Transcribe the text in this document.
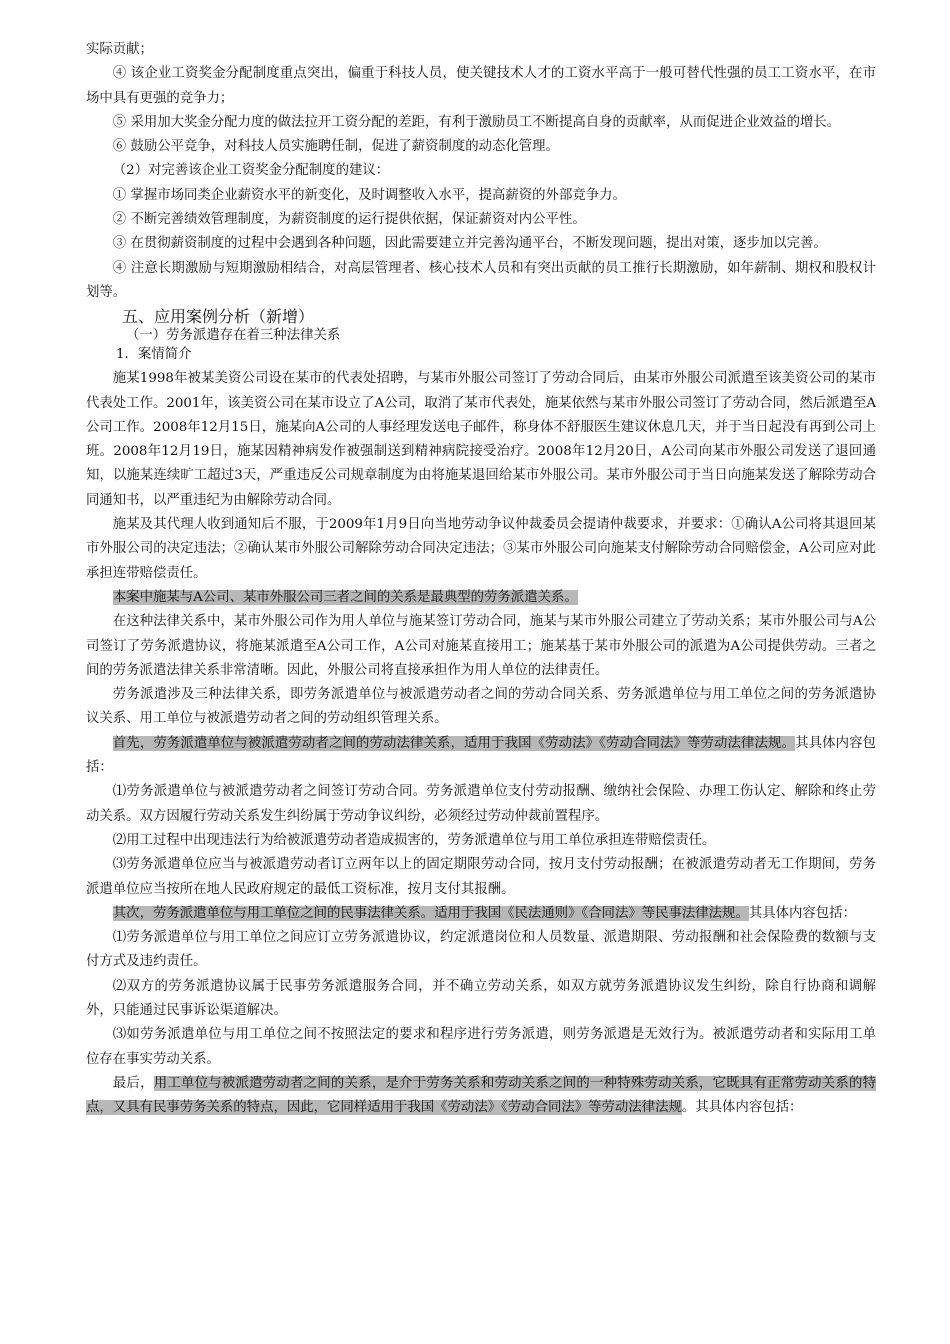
实际贡献；

④ 该企业工资奖金分配制度重点突出，偏重于科技人员，使关键技术人才的工资水平高于一般可替代性强的员工工资水平，在市场中具有更强的竞争力；

⑤ 采用加大奖金分配力度的做法拉开工资分配的差距，有利于激励员工不断提高自身的贡献率，从而促进企业效益的增长。

⑥ 鼓励公平竞争，对科技人员实施聘任制，促进了薪资制度的动态化管理。

（2）对完善该企业工资奖金分配制度的建议：

① 掌握市场同类企业薪资水平的新变化，及时调整收入水平，提高薪资的外部竞争力。

② 不断完善绩效管理制度，为薪资制度的运行提供依据，保证薪资对内公平性。

③ 在贯彻薪资制度的过程中会遇到各种问题，因此需要建立并完善沟通平台，不断发现问题，提出对策，逐步加以完善。

④ 注意长期激励与短期激励相结合，对高层管理者、核心技术人员和有突出贡献的员工推行长期激励，如年薪制、期权和股权计划等。

五、应用案例分析（新增）

（一）劳务派遣存在着三种法律关系

1．案情简介

施某1998年被某美资公司设在某市的代表处招聘，与某市外服公司签订了劳动合同后，由某市外服公司派遣至该美资公司的某市代表处工作。2001年，该美资公司在某市设立了A公司，取消了某市代表处，施某依然与某市外服公司签订了劳动合同，然后派遣至A公司工作。2008年12月15日，施某向A公司的人事经理发送电子邮件，称身体不舒服医生建议休息几天，并于当日起没有再到公司上班。2008年12月19日，施某因精神病发作被强制送到精神病院接受治疗。2008年12月20日，A公司向某市外服公司发送了退回通知，以施某连续旷工超过3天，严重违反公司规章制度为由将施某退回给某市外服公司。某市外服公司于当日向施某发送了解除劳动合同通知书，以严重违纪为由解除劳动合同。

施某及其代理人收到通知后不服，于2009年1月9日向当地劳动争议仲裁委员会提请仲裁要求，并要求：①确认A公司将其退回某市外服公司的决定违法；②确认某市外服公司解除劳动合同决定违法；③某市外服公司向施某支付解除劳动合同赔偿金，A公司应对此承担连带赔偿责任。

本案中施某与A公司、某市外服公司三者之间的关系是最典型的劳务派遣关系。

在这种法律关系中，某市外服公司作为用人单位与施某签订劳动合同，施某与某市外服公司建立了劳动关系；某市外服公司与A公司签订了劳务派遣协议，将施某派遣至A公司工作，A公司对施某直接用工；施某基于某市外服公司的派遣为A公司提供劳动。三者之间的劳务派遣法律关系非常清晰。因此，外服公司将直接承担作为用人单位的法律责任。

劳务派遣涉及三种法律关系，即劳务派遣单位与被派遣劳动者之间的劳动合同关系、劳务派遣单位与用工单位之间的劳务派遣协议关系、用工单位与被派遣劳动者之间的劳动组织管理关系。

首先，劳务派遣单位与被派遣劳动者之间的劳动法律关系，适用于我国《劳动法》《劳动合同法》等劳动法律法规。其具体内容包括：

⑴劳务派遣单位与被派遣劳动者之间签订劳动合同。劳务派遣单位支付劳动报酬、缴纳社会保险、办理工伤认定、解除和终止劳动关系。双方因履行劳动关系发生纠纷属于劳动争议纠纷，必须经过劳动仲裁前置程序。

⑵用工过程中出现违法行为给被派遣劳动者造成损害的，劳务派遣单位与用工单位承担连带赔偿责任。

⑶劳务派遣单位应当与被派遣劳动者订立两年以上的固定期限劳动合同，按月支付劳动报酬；在被派遣劳动者无工作期间，劳务派遣单位应当按所在地人民政府规定的最低工资标准，按月支付其报酬。

其次，劳务派遣单位与用工单位之间的民事法律关系。适用于我国《民法通则》《合同法》等民事法律法规。其具体内容包括：

⑴劳务派遣单位与用工单位之间应订立劳务派遣协议，约定派遣岗位和人员数量、派遣期限、劳动报酬和社会保险费的数额与支付方式及违约责任。

⑵双方的劳务派遣协议属于民事劳务派遣服务合同，并不确立劳动关系，如双方就劳务派遣协议发生纠纷，除自行协商和调解外，只能通过民事诉讼渠道解决。

⑶如劳务派遣单位与用工单位之间不按照法定的要求和程序进行劳务派遣，则劳务派遣是无效行为。被派遣劳动者和实际用工单位存在事实劳动关系。

最后，用工单位与被派遣劳动者之间的关系，是介于劳务关系和劳动关系之间的一种特殊劳动关系，它既具有正常劳动关系的特点，又具有民事劳务关系的特点，因此，它同样适用于我国《劳动法》《劳动合同法》等劳动法律法规。其具体内容包括：
